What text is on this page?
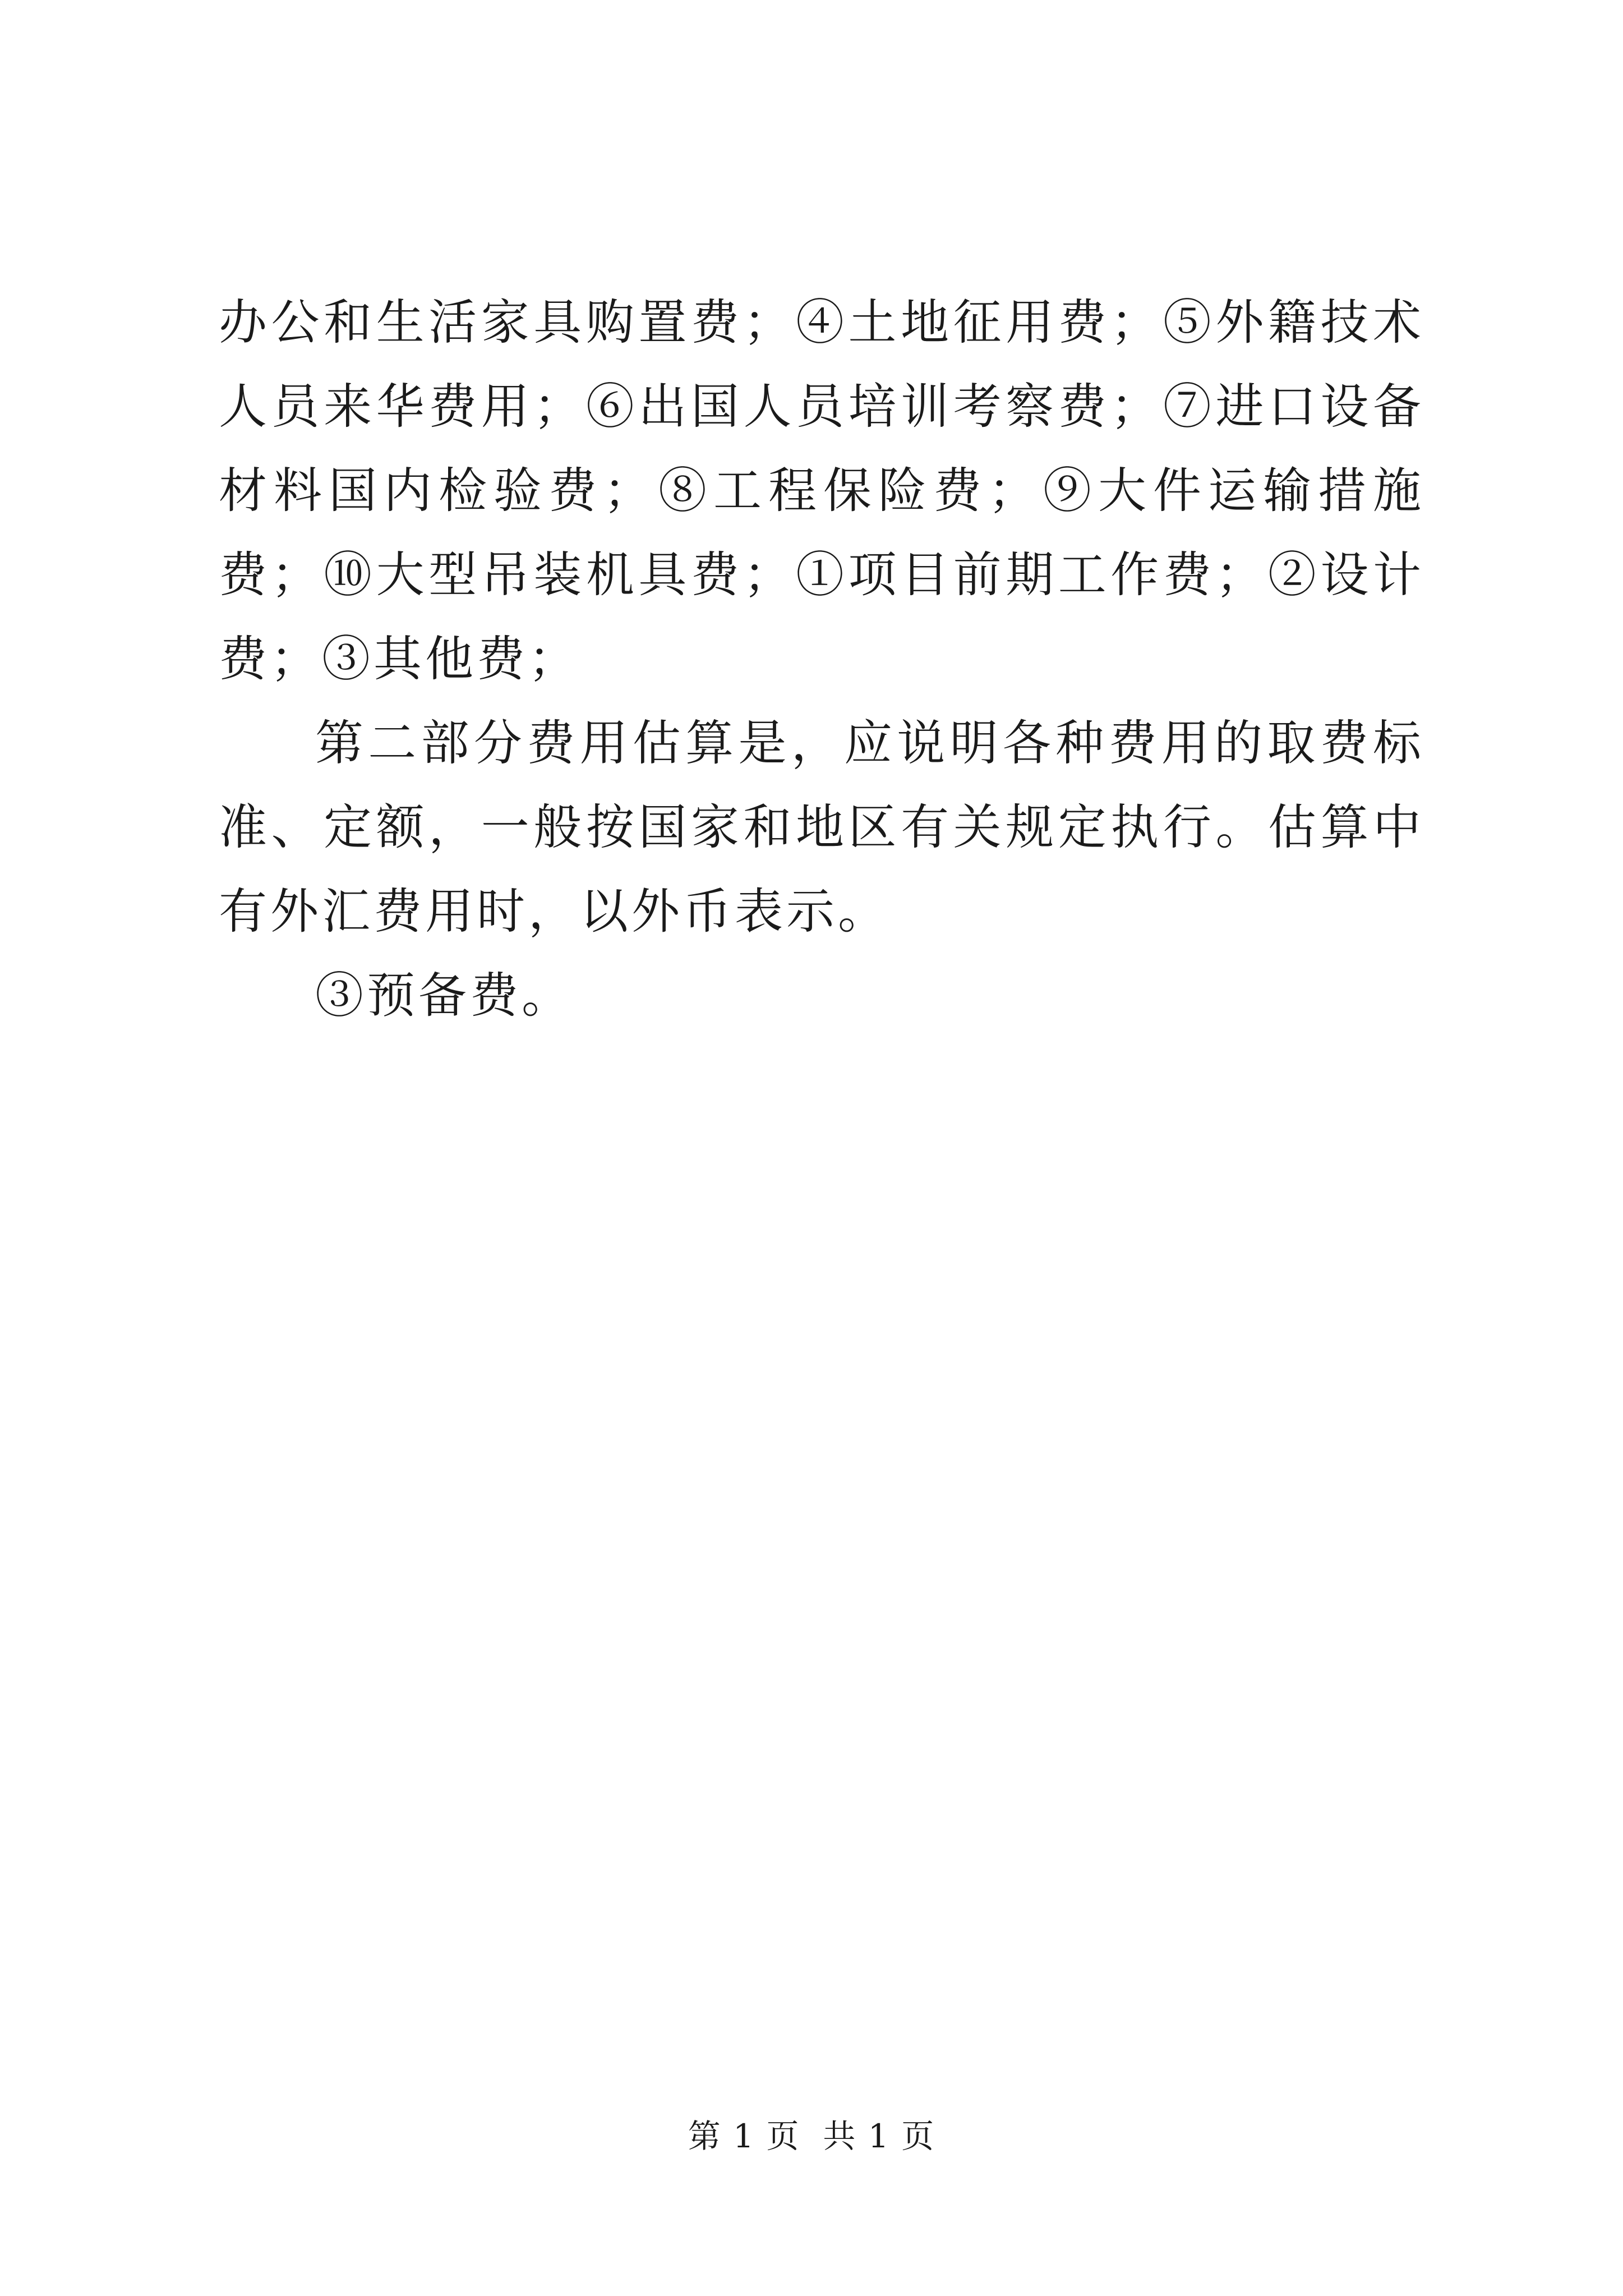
办公和生活家具购置费；④土地征用费；⑤外籍技术人员来华费用；⑥出国人员培训考察费；⑦进口设备材料国内检验费；⑧工程保险费；⑨大件运输措施费；⑩大型吊装机具费；①项目前期工作费；②设计费；③其他费；

第二部分费用估算是，应说明各种费用的取费标准、定额，一般按国家和地区有关规定执行。估算中有外汇费用时，以外币表示。

③预备费。

第 1 页  共 1 页
